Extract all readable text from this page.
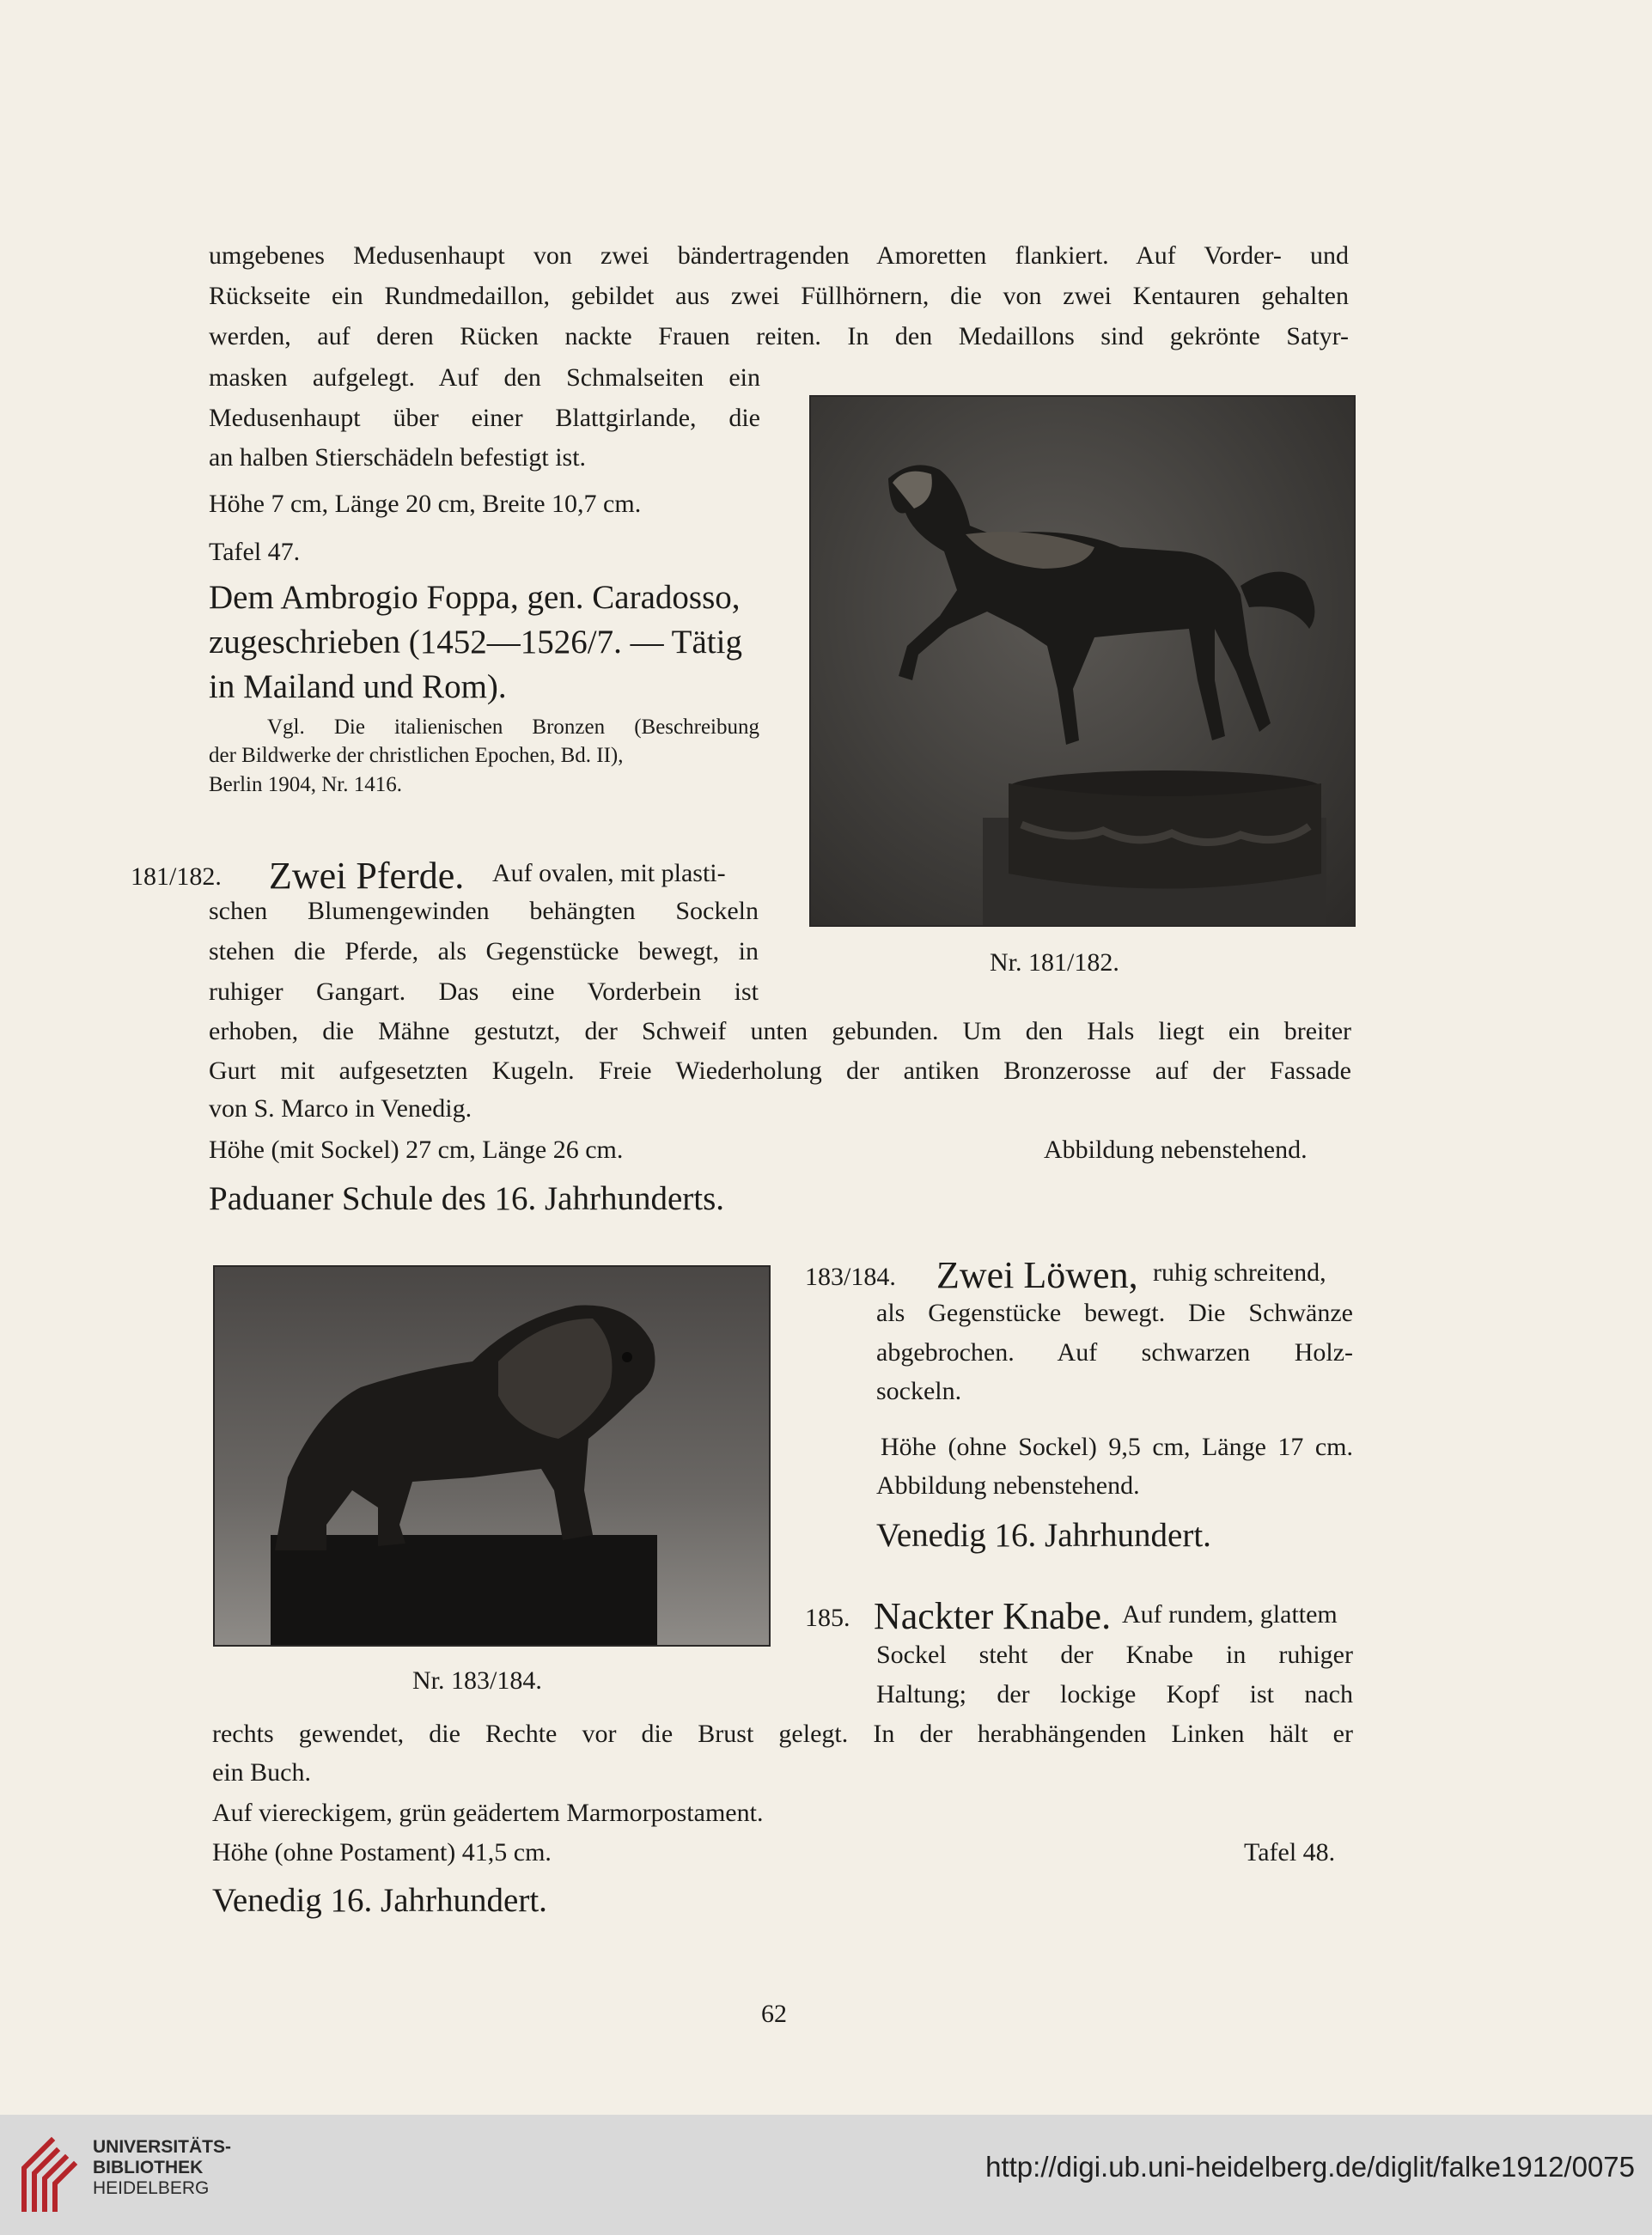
umgebenes Medusenhaupt von zwei bändertragenden Amoretten flankiert. Auf Vorder- und

Rückseite ein Rundmedaillon, gebildet aus zwei Füllhörnern, die von zwei Kentauren gehalten

werden, auf deren Rücken nackte Frauen reiten. In den Medaillons sind gekrönte Satyr-

masken aufgelegt. Auf den Schmalseiten ein

Medusenhaupt über einer Blattgirlande, die

an halben Stierschädeln befestigt ist.

Höhe 7 cm, Länge 20 cm, Breite 10,7 cm.

Tafel 47.

Dem Ambrogio Foppa, gen. Caradosso,

zugeschrieben (1452—1526/7. — Tätig

in Mailand und Rom).

Vgl. Die italienischen Bronzen (Beschreibung

der Bildwerke der christlichen Epochen, Bd. II),

Berlin 1904, Nr. 1416.

Nr. 181/182.

181/182. Zwei Pferde. Auf ovalen, mit plasti-

schen Blumengewinden behängten Sockeln

stehen die Pferde, als Gegenstücke bewegt, in

ruhiger Gangart. Das eine Vorderbein ist

erhoben, die Mähne gestutzt, der Schweif unten gebunden. Um den Hals liegt ein breiter

Gurt mit aufgesetzten Kugeln. Freie Wiederholung der antiken Bronzerosse auf der Fassade

von S. Marco in Venedig.

Höhe (mit Sockel) 27 cm, Länge 26 cm.	Abbildung nebenstehend.

Paduaner Schule des 16. Jahrhunderts.

Nr. 183/184.

183/184. Zwei Löwen, ruhig schreitend,

als Gegenstücke bewegt. Die Schwänze

abgebrochen. Auf schwarzen Holz-

sockeln.

Höhe (ohne Sockel) 9,5 cm, Länge 17 cm.

Abbildung nebenstehend.

Venedig 16. Jahrhundert.

185. Nackter Knabe. Auf rundem, glattem

Sockel steht der Knabe in ruhiger

Haltung; der lockige Kopf ist nach

rechts gewendet, die Rechte vor die Brust gelegt. In der herabhängenden Linken hält er

ein Buch.

Auf viereckigem, grün geädertem Marmorpostament.

Höhe (ohne Postament) 41,5 cm.	Tafel 48.

Venedig 16. Jahrhundert.

62

UNIVERSITÄTS-
BIBLIOTHEK
HEIDELBERG
http://digi.ub.uni-heidelberg.de/diglit/falke1912/0075
